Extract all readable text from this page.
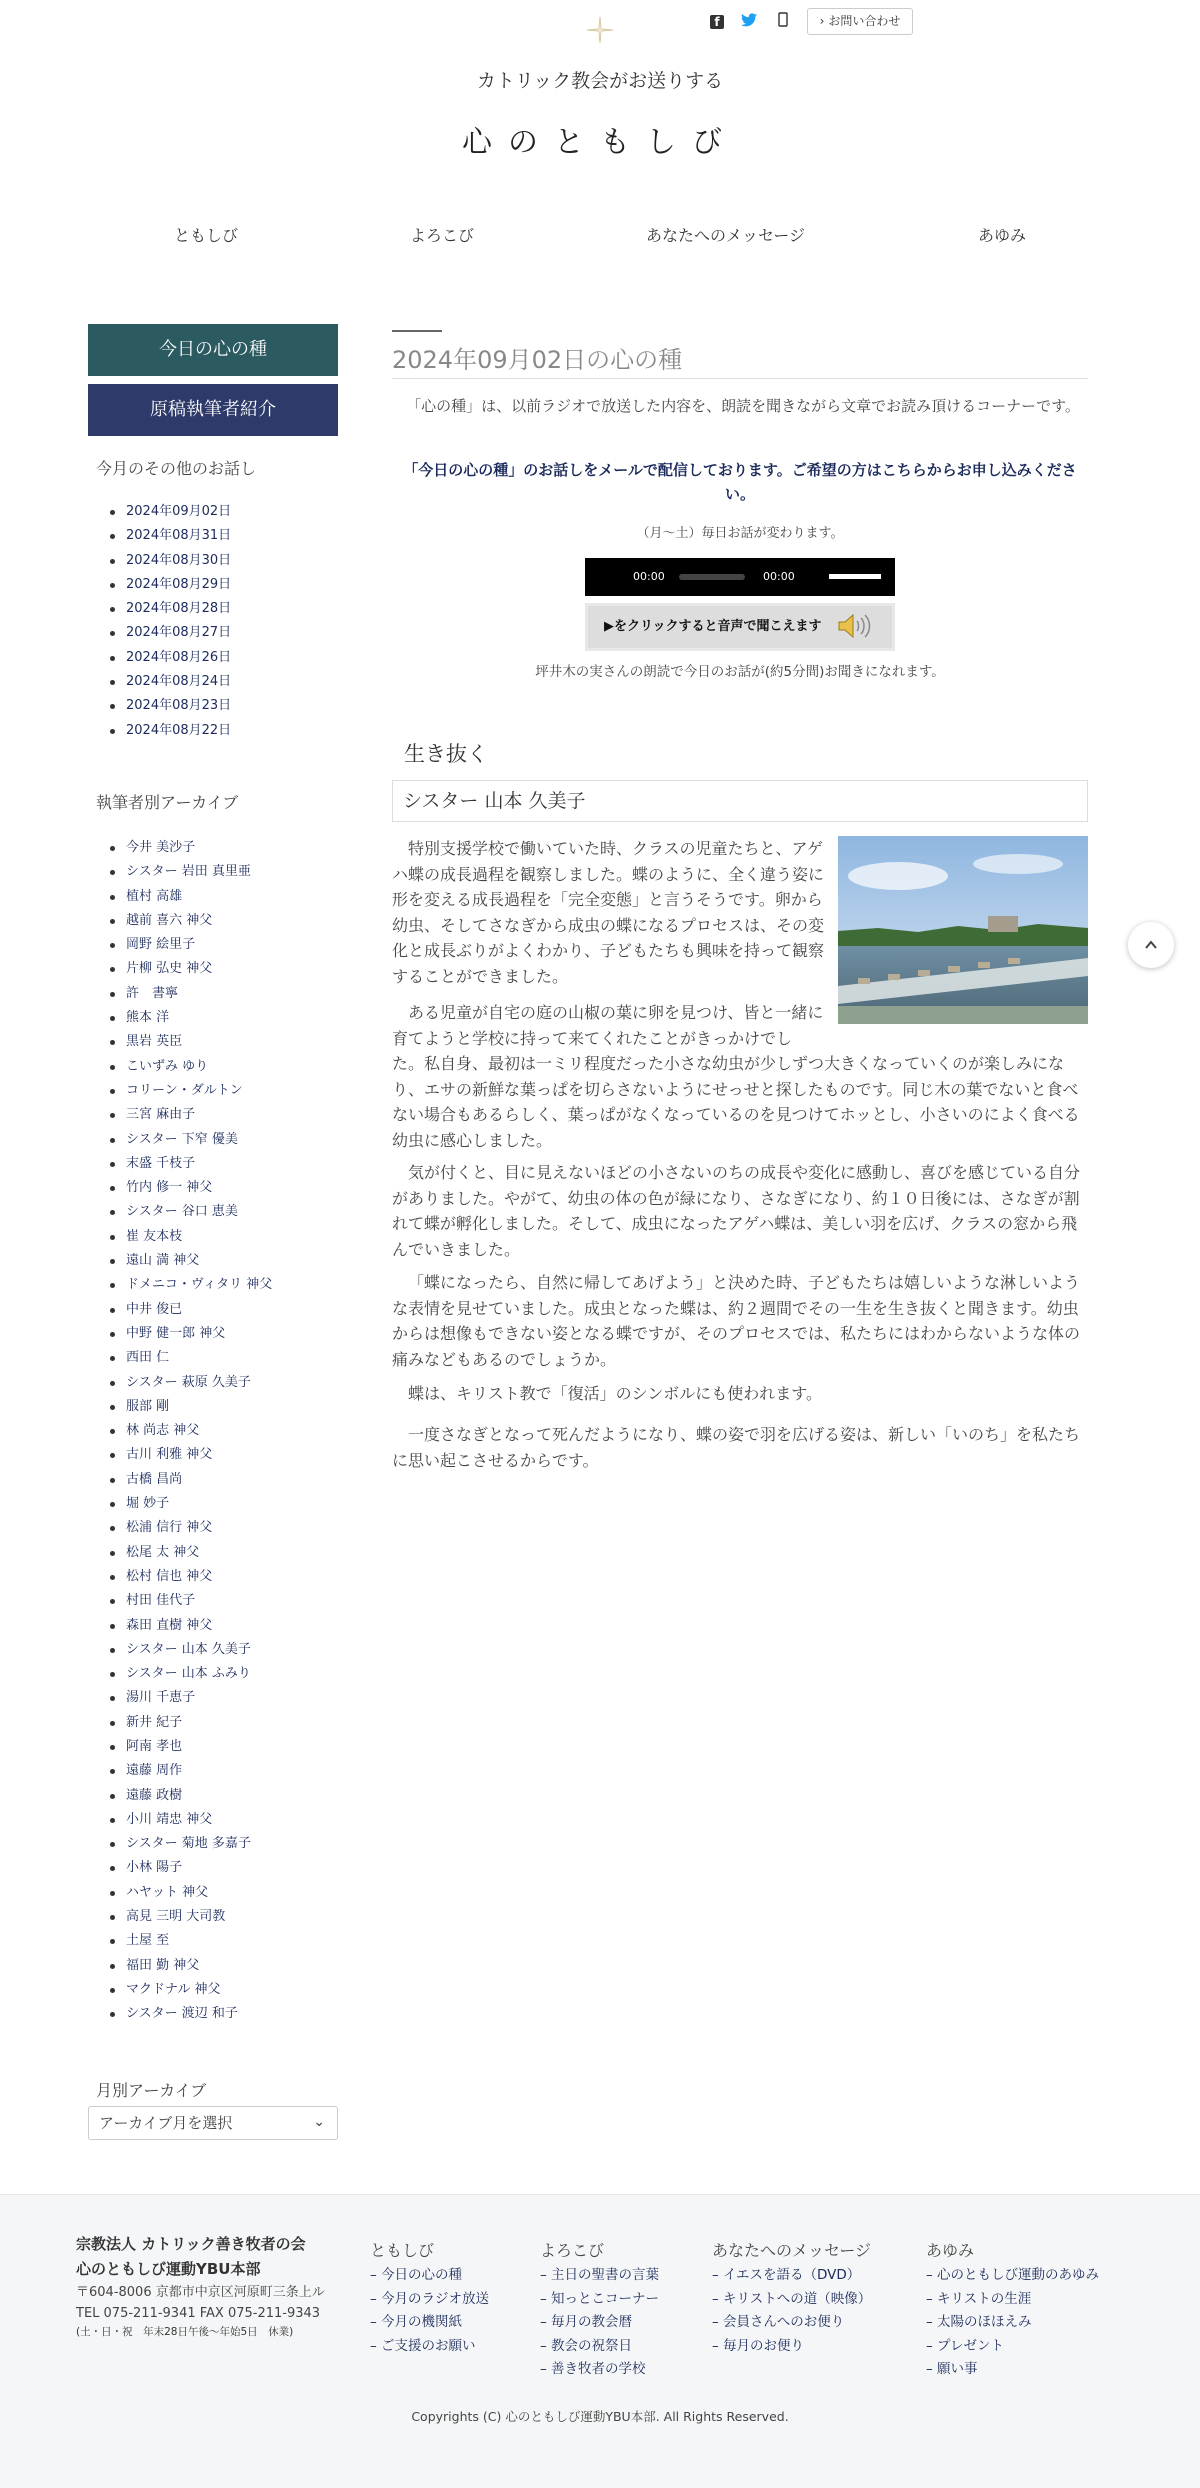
f	› お問い合わせ
カトリック教会がお送りする
心のともしび
ともしび	よろこび	あなたへのメッセージ	あゆみ
今日の心の種
原稿執筆者紹介
今月のその他のお話し
2024年09月02日
2024年08月31日
2024年08月30日
2024年08月29日
2024年08月28日
2024年08月27日
2024年08月26日
2024年08月24日
2024年08月23日
2024年08月22日
執筆者別アーカイブ
今井 美沙子
シスター 岩田 真里亜
植村 高雄
越前 喜六 神父
岡野 絵里子
片柳 弘史 神父
許　書寧
熊本 洋
黒岩 英臣
こいずみ ゆり
コリーン・ダルトン
三宮 麻由子
シスター 下窄 優美
末盛 千枝子
竹内 修一 神父
シスター 谷口 恵美
崔 友本枝
遠山 満 神父
ドメニコ・ヴィタリ 神父
中井 俊已
中野 健一郎 神父
西田 仁
シスター 萩原 久美子
服部 剛
林 尚志 神父
古川 利雅 神父
古橋 昌尚
堀 妙子
松浦 信行 神父
松尾 太 神父
松村 信也 神父
村田 佳代子
森田 直樹 神父
シスター 山本 久美子
シスター 山本 ふみり
湯川 千恵子
新井 紀子
阿南 孝也
遠藤 周作
遠藤 政樹
小川 靖忠 神父
シスター 菊地 多嘉子
小林 陽子
ハヤット 神父
高見 三明 大司教
土屋 至
福田 勤 神父
マクドナル 神父
シスター 渡辺 和子
月別アーカイブ
アーカイブ月を選択	⌄
2024年09月02日の心の種
「心の種」は、以前ラジオで放送した内容を、朗読を聞きながら文章でお読み頂けるコーナーです。
「今日の心の種」のお話しをメールで配信しております。ご希望の方はこちらからお申し込みください。
（月〜土）毎日お話が変わります。
00:00	00:00
▶をクリックすると音声で聞こえます
坪井木の実さんの朗読で今日のお話が(約5分間)お聞きになれます。
生き抜く
シスター 山本 久美子

特別支援学校で働いていた時、クラスの児童たちと、アゲハ蝶の成長過程を観察しました。蝶のように、全く違う姿に形を変える成長過程を「完全変態」と言うそうです。卵から幼虫、そしてさなぎから成虫の蝶になるプロセスは、その変化と成長ぶりがよくわかり、子どもたちも興味を持って観察することができました。

ある児童が自宅の庭の山椒の葉に卵を見つけ、皆と一緒に育てようと学校に持って来てくれたことがきっかけでし

た。私自身、最初は一ミリ程度だった小さな幼虫が少しずつ大きくなっていくのが楽しみになり、エサの新鮮な葉っぱを切らさないようにせっせと探したものです。同じ木の葉でないと食べない場合もあるらしく、葉っぱがなくなっているのを見つけてホッとし、小さいのによく食べる幼虫に感心しました。

気が付くと、目に見えないほどの小さないのちの成長や変化に感動し、喜びを感じている自分がありました。やがて、幼虫の体の色が緑になり、さなぎになり、約１０日後には、さなぎが割れて蝶が孵化しました。そして、成虫になったアゲハ蝶は、美しい羽を広げ、クラスの窓から飛んでいきました。

「蝶になったら、自然に帰してあげよう」と決めた時、子どもたちは嬉しいような淋しいような表情を見せていました。成虫となった蝶は、約２週間でその一生を生き抜くと聞きます。幼虫からは想像もできない姿となる蝶ですが、そのプロセスでは、私たちにはわからないような体の痛みなどもあるのでしょうか。

蝶は、キリスト教で「復活」のシンボルにも使われます。

一度さなぎとなって死んだようになり、蝶の姿で羽を広げる姿は、新しい「いのち」を私たちに思い起こさせるからです。

宗教法人 カトリック善き牧者の会
心のともしび運動YBU本部
〒604-8006 京都市中京区河原町三条上ル
TEL 075-211-9341 FAX 075-211-9343
(土・日・祝　年末28日午後〜年始5日　休業)
ともしび
– 今日の心の種
– 今月のラジオ放送
– 今月の機関紙
– ご支援のお願い
よろこび
– 主日の聖書の言葉
– 知っとこコーナー
– 毎月の教会暦
– 教会の祝祭日
– 善き牧者の学校
あなたへのメッセージ
– イエスを語る（DVD）
– キリストへの道（映像）
– 会員さんへのお便り
– 毎月のお便り
あゆみ
– 心のともしび運動のあゆみ
– キリストの生涯
– 太陽のほほえみ
– プレゼント
– 願い事
Copyrights (C) 心のともしび運動YBU本部. All Rights Reserved.
